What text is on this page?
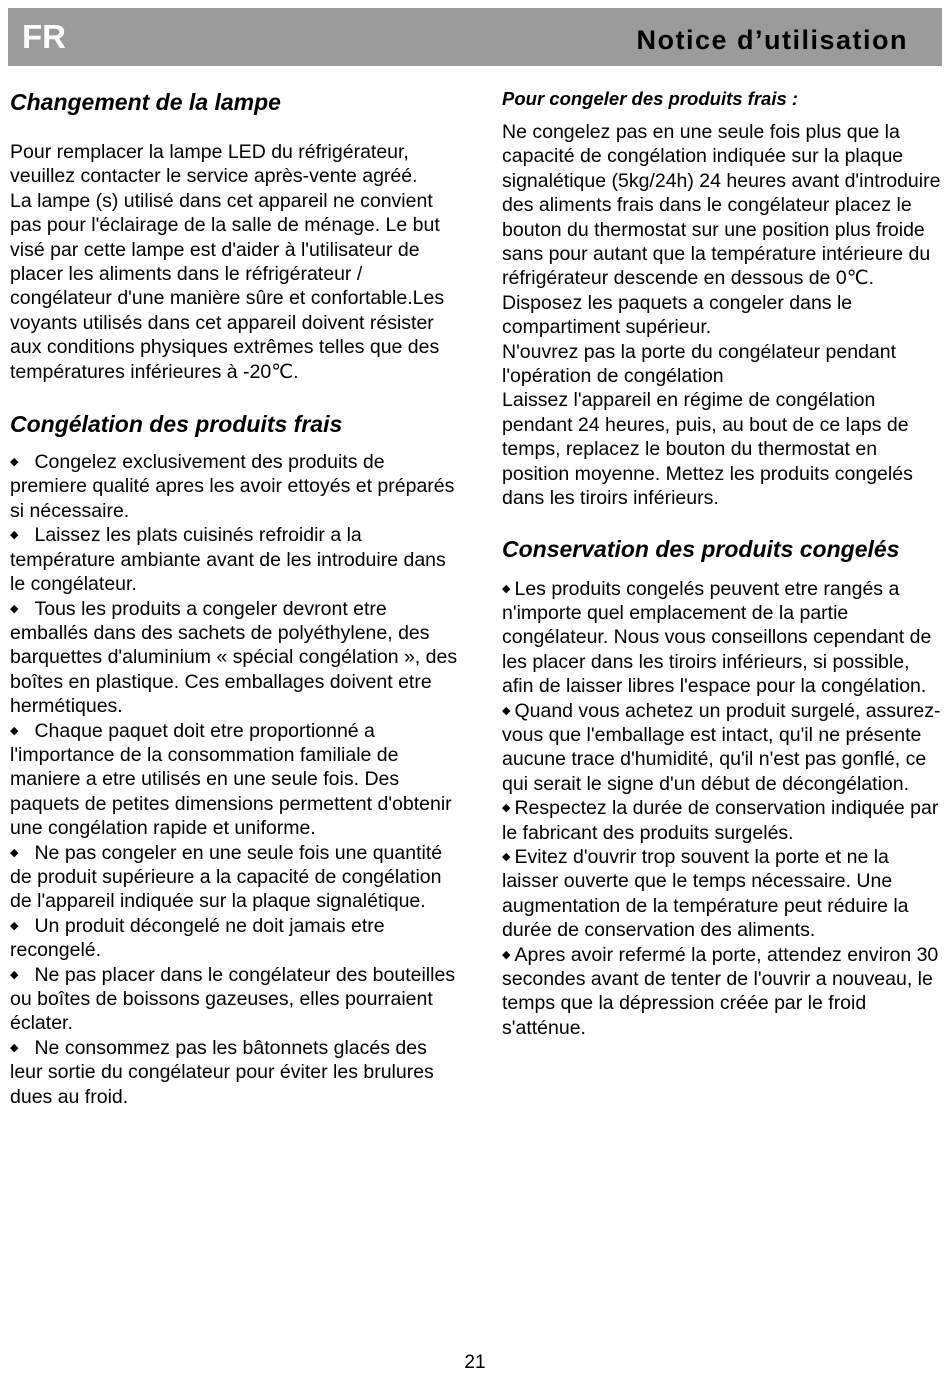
FR	Notice d’utilisation
Changement de la lampe

Pour remplacer la lampe LED du réfrigérateur, veuillez contacter le service après-vente agréé.

La lampe (s) utilisé dans cet appareil ne convient pas pour l'éclairage de la salle de ménage. Le but visé par cette lampe est d'aider à l'utilisateur de placer les aliments dans le réfrigérateur / congélateur d'une manière sûre et confortable.Les voyants utilisés dans cet appareil doivent résister aux conditions physiques extrêmes telles que des températures inférieures à -20℃.

Congélation des produits frais

◆ Congelez exclusivement des produits de premiere qualité apres les avoir ettoyés et préparés si nécessaire.

◆ Laissez les plats cuisinés refroidir a la température ambiante avant de les introduire dans le congélateur.

◆ Tous les produits a congeler devront etre emballés dans des sachets de polyéthylene, des barquettes d'aluminium « spécial congélation », des boîtes en plastique. Ces emballages doivent etre hermétiques.

◆ Chaque paquet doit etre proportionné a l'importance de la consommation familiale de maniere a etre utilisés en une seule fois. Des paquets de petites dimensions permettent d'obtenir une congélation rapide et uniforme.

◆ Ne pas congeler en une seule fois une quantité de produit supérieure a la capacité de congélation de l'appareil indiquée sur la plaque signalétique.

◆ Un produit décongelé ne doit jamais etre recongelé.

◆ Ne pas placer dans le congélateur des bouteilles ou boîtes de boissons gazeuses, elles pourraient éclater.

◆ Ne consommez pas les bâtonnets glacés des leur sortie du congélateur pour éviter les brulures dues au froid.

Pour congeler des produits frais :

Ne congelez pas en une seule fois plus que la capacité de congélation indiquée sur la plaque signalétique (5kg/24h) 24 heures avant d'introduire des aliments frais dans le congélateur placez le bouton du thermostat sur une position plus froide sans pour autant que la température intérieure du réfrigérateur descende en dessous de 0℃.

Disposez les paquets a congeler dans le compartiment supérieur.

N'ouvrez pas la porte du congélateur pendant l'opération de congélation

Laissez l'appareil en régime de congélation pendant 24 heures, puis, au bout de ce laps de temps, replacez le bouton du thermostat en position moyenne. Mettez les produits congelés dans les tiroirs inférieurs.

Conservation des produits congelés

◆ Les produits congelés peuvent etre rangés a n'importe quel emplacement de la partie congélateur. Nous vous conseillons cependant de les placer dans les tiroirs inférieurs, si possible, afin de laisser libres l'espace pour la congélation.

◆ Quand vous achetez un produit surgelé, assurez-vous que l'emballage est intact, qu'il ne présente aucune trace d'humidité, qu'il n'est pas gonflé, ce qui serait le signe d'un début de décongélation.

◆ Respectez la durée de conservation indiquée par le fabricant des produits surgelés.

◆ Evitez d'ouvrir trop souvent la porte et ne la laisser ouverte que le temps nécessaire. Une augmentation de la température peut réduire la durée de conservation des aliments.

◆ Apres avoir refermé la porte, attendez environ 30 secondes avant de tenter de l'ouvrir a nouveau, le temps que la dépression créée par le froid s'atténue.

21
